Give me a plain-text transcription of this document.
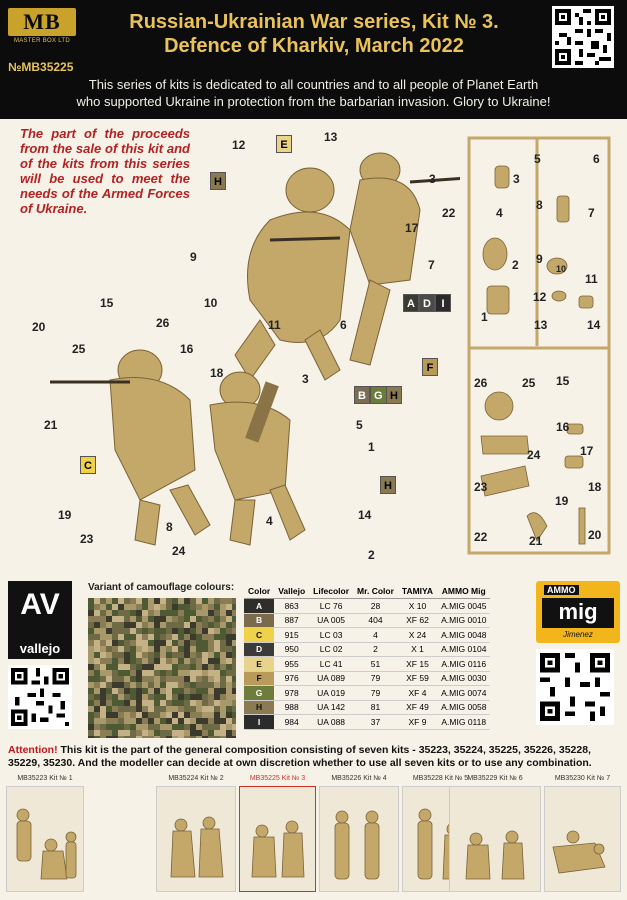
MB
MASTER BOX LTD
№MB35225
Russian-Ukrainian War series, Kit № 3.
Defence of Kharkiv, March 2022
This series of kits is dedicated to all countries and to all people of Planet Earth
who supported Ukraine in protection from the barbarian invasion. Glory to Ukraine!
The part of the proceeds from the sale of this kit and of the kits from this series will be used to meet the needs of the Armed Forces of Ukraine.
12
13
3
22
17
7
9
10
11	6
3
15
26
16
18
20
25
5
1
21
19
23
8	4	14
24	2
E
H
A D I
F
B G H
C
H
5	6
3
4
8
7
2 9
10
11
12
1
13	14
26	25 15
16
17
24
23	18
19
22	21	20
AV
vallejo
Variant of camouflage colours: Color	Vallejo	Lifecolor	Mr. Color	TAMIYA	AMMO Mig
A	863	LC 76	28	X 10	A.MIG 0045
B	887	UA 005	404	XF 62	A.MIG 0010
C	915	LC 03	4	X 24	A.MIG 0048
D	950	LC 02	2	X 1	A.MIG 0104
E	955	LC 41	51	XF 15	A.MIG 0116
F	976	UA 089	79	XF 59	A.MIG 0030
G	978	UA 019	79	XF 4	A.MIG 0074
H	988	UA 142	81	XF 49	A.MIG 0058
I	984	UA 088	37	XF 9	A.MIG 0118
AMMO
mig
Jimenez
Attention! This kit is the part of the general composition consisting of seven kits - 35223, 35224, 35225, 35226, 35228, 35229, 35230. And the modeller can decide at own discretion whether to use all seven kits or to use any combination.
MB35223 Kit № 1	MB35224 Kit № 2	MB35225 Kit № 3	MB35226 Kit № 4	MB35228 Kit № 5 MB35229 Kit № 6	MB35230 Kit № 7
